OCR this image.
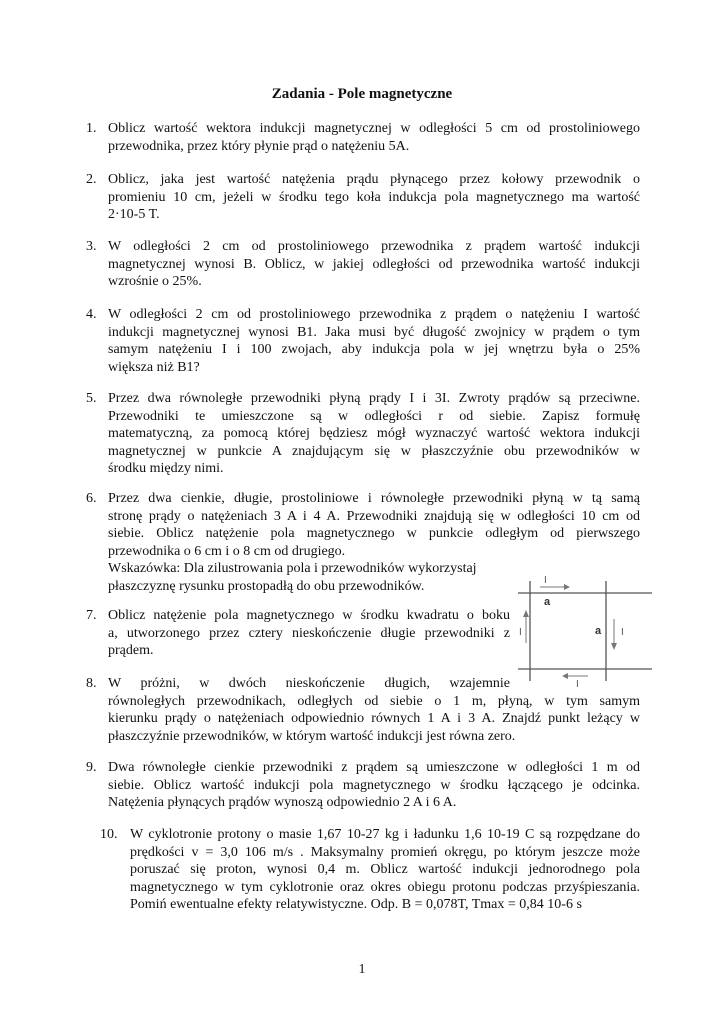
Zadania - Pole magnetyczne
1. Oblicz wartość wektora indukcji magnetycznej w odległości 5 cm od prostoliniowego
przewodnika, przez który płynie prąd o natężeniu 5A.
2. Oblicz, jaka jest wartość natężenia prądu płynącego przez kołowy przewodnik o
promieniu 10 cm, jeżeli w środku tego koła indukcja pola magnetycznego ma wartość
2·10-5 T.
3. W odległości 2 cm od prostoliniowego przewodnika z prądem wartość indukcji
magnetycznej wynosi B. Oblicz, w jakiej odległości od przewodnika wartość indukcji
wzrośnie o 25%.
4. W odległości 2 cm od prostoliniowego przewodnika z prądem o natężeniu I wartość
indukcji magnetycznej wynosi B1. Jaka musi być długość zwojnicy w prądem o tym
samym natężeniu I i 100 zwojach, aby indukcja pola w jej wnętrzu była o 25%
większa niż B1?
5. Przez dwa równoległe przewodniki płyną prądy I i 3I. Zwroty prądów są przeciwne.
Przewodniki te umieszczone są w odległości r od siebie. Zapisz formułę
matematyczną, za pomocą której będziesz mógł wyznaczyć wartość wektora indukcji
magnetycznej w punkcie A znajdującym się w płaszczyźnie obu przewodników w
środku między nimi.
6. Przez dwa cienkie, długie, prostoliniowe i równoległe przewodniki płyną w tą samą
stronę prądy o natężeniach 3 A i 4 A. Przewodniki znajdują się w odległości 10 cm od
siebie. Oblicz natężenie pola magnetycznego w punkcie odległym od pierwszego
przewodnika o 6 cm i o 8 cm od drugiego.
Wskazówka: Dla zilustrowania pola i przewodników wykorzystaj
płaszczyznę rysunku prostopadłą do obu przewodników.
7. Oblicz natężenie pola magnetycznego w środku kwadratu o boku
a, utworzonego przez cztery nieskończenie długie przewodniki z
prądem.
8. W próżni, w dwóch nieskończenie długich, wzajemnie
równoległych przewodnikach, odległych od siebie o 1 m, płyną, w tym samym
kierunku prądy o natężeniach odpowiednio równych 1 A i 3 A. Znajdź punkt leżący w
płaszczyźnie przewodników, w którym wartość indukcji jest równa zero.
9. Dwa równoległe cienkie przewodniki z prądem są umieszczone w odległości 1 m od
siebie. Oblicz wartość indukcji pola magnetycznego w środku łączącego je odcinka.
Natężenia płynących prądów wynoszą odpowiednio 2 A i 6 A.
10. W cyklotronie protony o masie 1,67 10-27 kg i ładunku 1,6 10-19 C są rozpędzane do
prędkości v = 3,0 106 m/s . Maksymalny promień okręgu, po którym jeszcze może
poruszać się proton, wynosi 0,4 m. Oblicz wartość indukcji jednorodnego pola
magnetycznego w tym cyklotronie oraz okres obiegu protonu podczas przyśpieszania.
Pomiń ewentualne efekty relatywistyczne. Odp. B = 0,078T, Tmax = 0,84 10-6 s
I
a
I	a I
I
1
